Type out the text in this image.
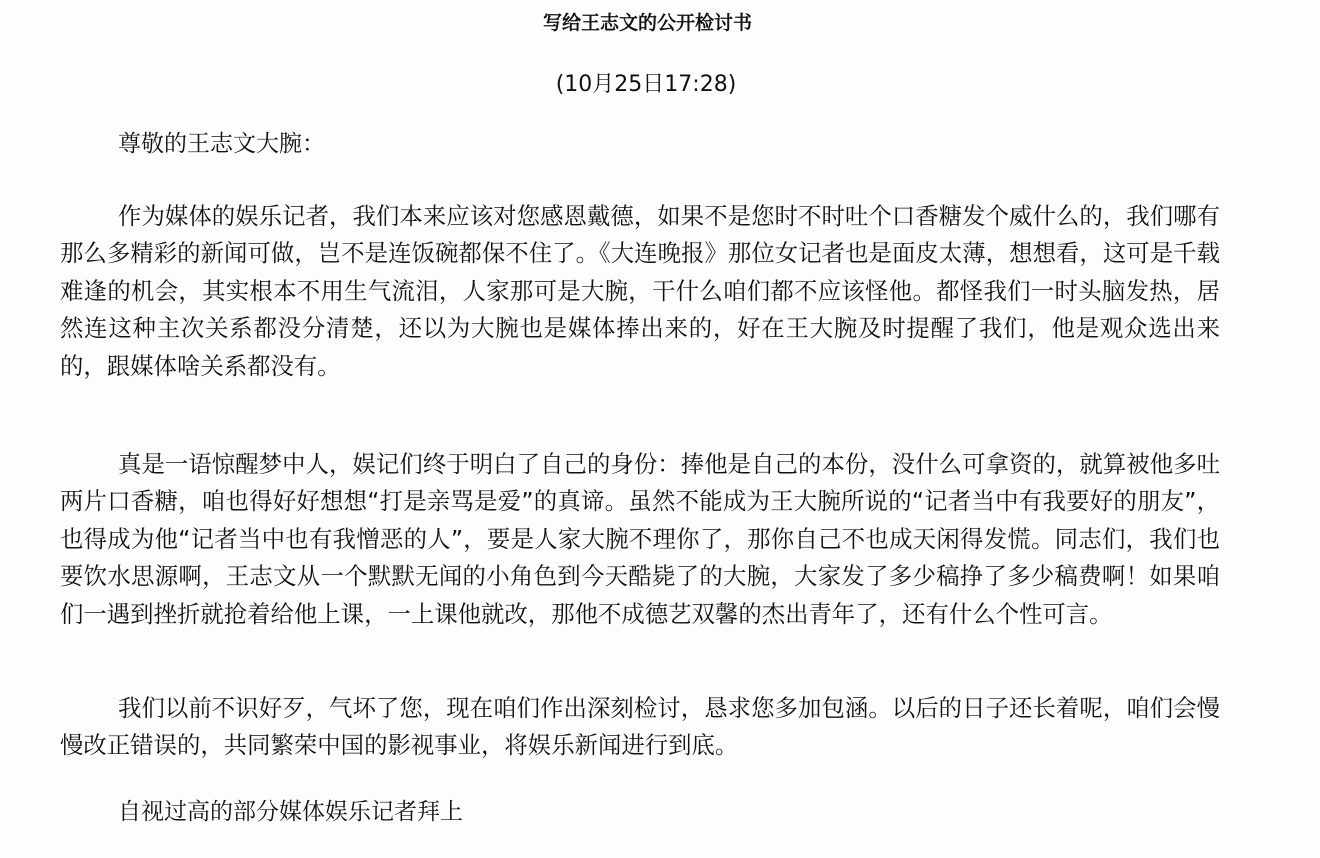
写给王志文的公开检讨书
(10月25日17:28)
尊敬的王志文大腕：

作为媒体的娱乐记者，我们本来应该对您感恩戴德，如果不是您时不时吐个口香糖发个威什么的，我们哪有那么多精彩的新闻可做，岂不是连饭碗都保不住了。《大连晚报》那位女记者也是面皮太薄，想想看，这可是千载难逢的机会，其实根本不用生气流泪，人家那可是大腕，干什么咱们都不应该怪他。都怪我们一时头脑发热，居然连这种主次关系都没分清楚，还以为大腕也是媒体捧出来的，好在王大腕及时提醒了我们，他是观众选出来的，跟媒体啥关系都没有。

真是一语惊醒梦中人，娱记们终于明白了自己的身份：捧他是自己的本份，没什么可拿资的，就算被他多吐两片口香糖，咱也得好好想想“打是亲骂是爱”的真谛。虽然不能成为王大腕所说的“记者当中有我要好的朋友”，也得成为他“记者当中也有我憎恶的人”，要是人家大腕不理你了，那你自己不也成天闲得发慌。同志们，我们也要饮水思源啊，王志文从一个默默无闻的小角色到今天酷毙了的大腕，大家发了多少稿挣了多少稿费啊！如果咱们一遇到挫折就抢着给他上课，一上课他就改，那他不成德艺双馨的杰出青年了，还有什么个性可言。

我们以前不识好歹，气坏了您，现在咱们作出深刻检讨，恳求您多加包涵。以后的日子还长着呢，咱们会慢慢改正错误的，共同繁荣中国的影视事业，将娱乐新闻进行到底。

自视过高的部分媒体娱乐记者拜上
